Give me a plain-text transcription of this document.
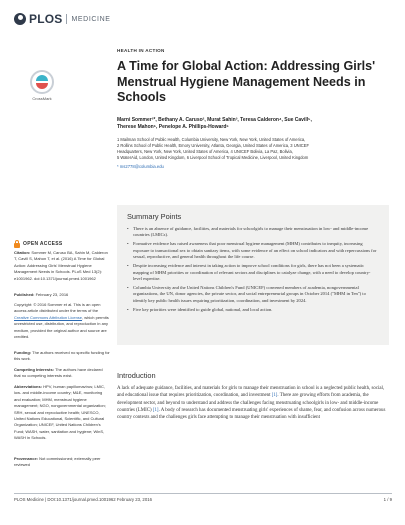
PLOS MEDICINE
CrossMark
OPEN ACCESS
Citation: Sommer M, Caruso BA, Sahin M, Calderon T, Cavill S, Mahon T, et al. (2016) A Time for Global Action: Addressing Girls' Menstrual Hygiene Management Needs in Schools. PLoS Med 13(2): e1001962. doi:10.1371/journal.pmed.1001962
Published: February 23, 2016
Copyright: © 2016 Sommer et al. This is an open access article distributed under the terms of the Creative Commons Attribution License, which permits unrestricted use, distribution, and reproduction in any medium, provided the original author and source are credited.
Funding: The authors received no specific funding for this work.
Competing Interests: The authors have declared that no competing interests exist.
Abbreviations: HPV, human papillomavirus; LMIC, low- and middle-income country; M&E, monitoring and evaluation; MHM, menstrual hygiene management; NGO, nongovernmental organization; SRH, sexual and reproductive health; UNESCO, United Nations Educational, Scientific, and Cultural Organization; UNICEF, United Nations Children's Fund; WASH, water, sanitation and hygiene; WinS, WASH in Schools.
Provenance: Not commissioned; externally peer reviewed
HEALTH IN ACTION
A Time for Global Action: Addressing Girls' Menstrual Hygiene Management Needs in Schools
Marni Sommer¹*, Bethany A. Caruso², Murat Sahin³, Teresa Calderon⁴, Sue Cavill⁵,
Therese Mahon⁵, Penelope A. Phillips-Howard⁶
1 Mailman School of Public Health, Columbia University, New York, New York, United States of America,
2 Rollins School of Public Health, Emory University, Atlanta, Georgia, United States of America, 3 UNICEF
Headquarters, New York, New York, United States of America, 4 UNICEF Bolivia, La Paz, Bolivia,
5 WaterAid, London, United Kingdom, 6 Liverpool School of Tropical Medicine, Liverpool, United Kingdom
* ms2778@columbia.edu
Summary Points
• There is an absence of guidance, facilities, and materials for schoolgirls to manage their menstruation in low- and middle-income countries (LMICs).
• Formative evidence has raised awareness that poor menstrual hygiene management (MHM) contributes to inequity, increasing exposure to transactional sex to obtain sanitary items, with some evidence of an effect on school indicators and with repercussions for sexual, reproductive, and general health throughout the life course.
• Despite increasing evidence and interest in taking action to improve school conditions for girls, there has not been a systematic mapping of MHM priorities or coordination of relevant sectors and disciplines to catalyze change, with a need to develop country-level expertise.
• Columbia University and the United Nations Children's Fund (UNICEF) convened members of academia, nongovernmental organizations, the UN, donor agencies, the private sector, and social entrepreneurial groups in October 2014 ("MHM in Ten") to identify key public health issues requiring prioritization, coordination, and investment by 2024.
• Five key priorities were identified to guide global, national, and local action.
Introduction

A lack of adequate guidance, facilities, and materials for girls to manage their menstruation in school is a neglected public health, social, and educational issue that requires prioritization, coordination, and investment [1]. There are growing efforts from academia, the development sector, and beyond to understand and address the challenges facing menstruating schoolgirls in low- and middle-income countries (LMIC) [1]. A body of research has documented menstruating girls' experiences of shame, fear, and confusion across numerous country contexts and the challenges girls face attempting to manage their menstruation with insufficient

PLOS Medicine | DOI:10.1371/journal.pmed.1001962 February 23, 2016	1 / 9
